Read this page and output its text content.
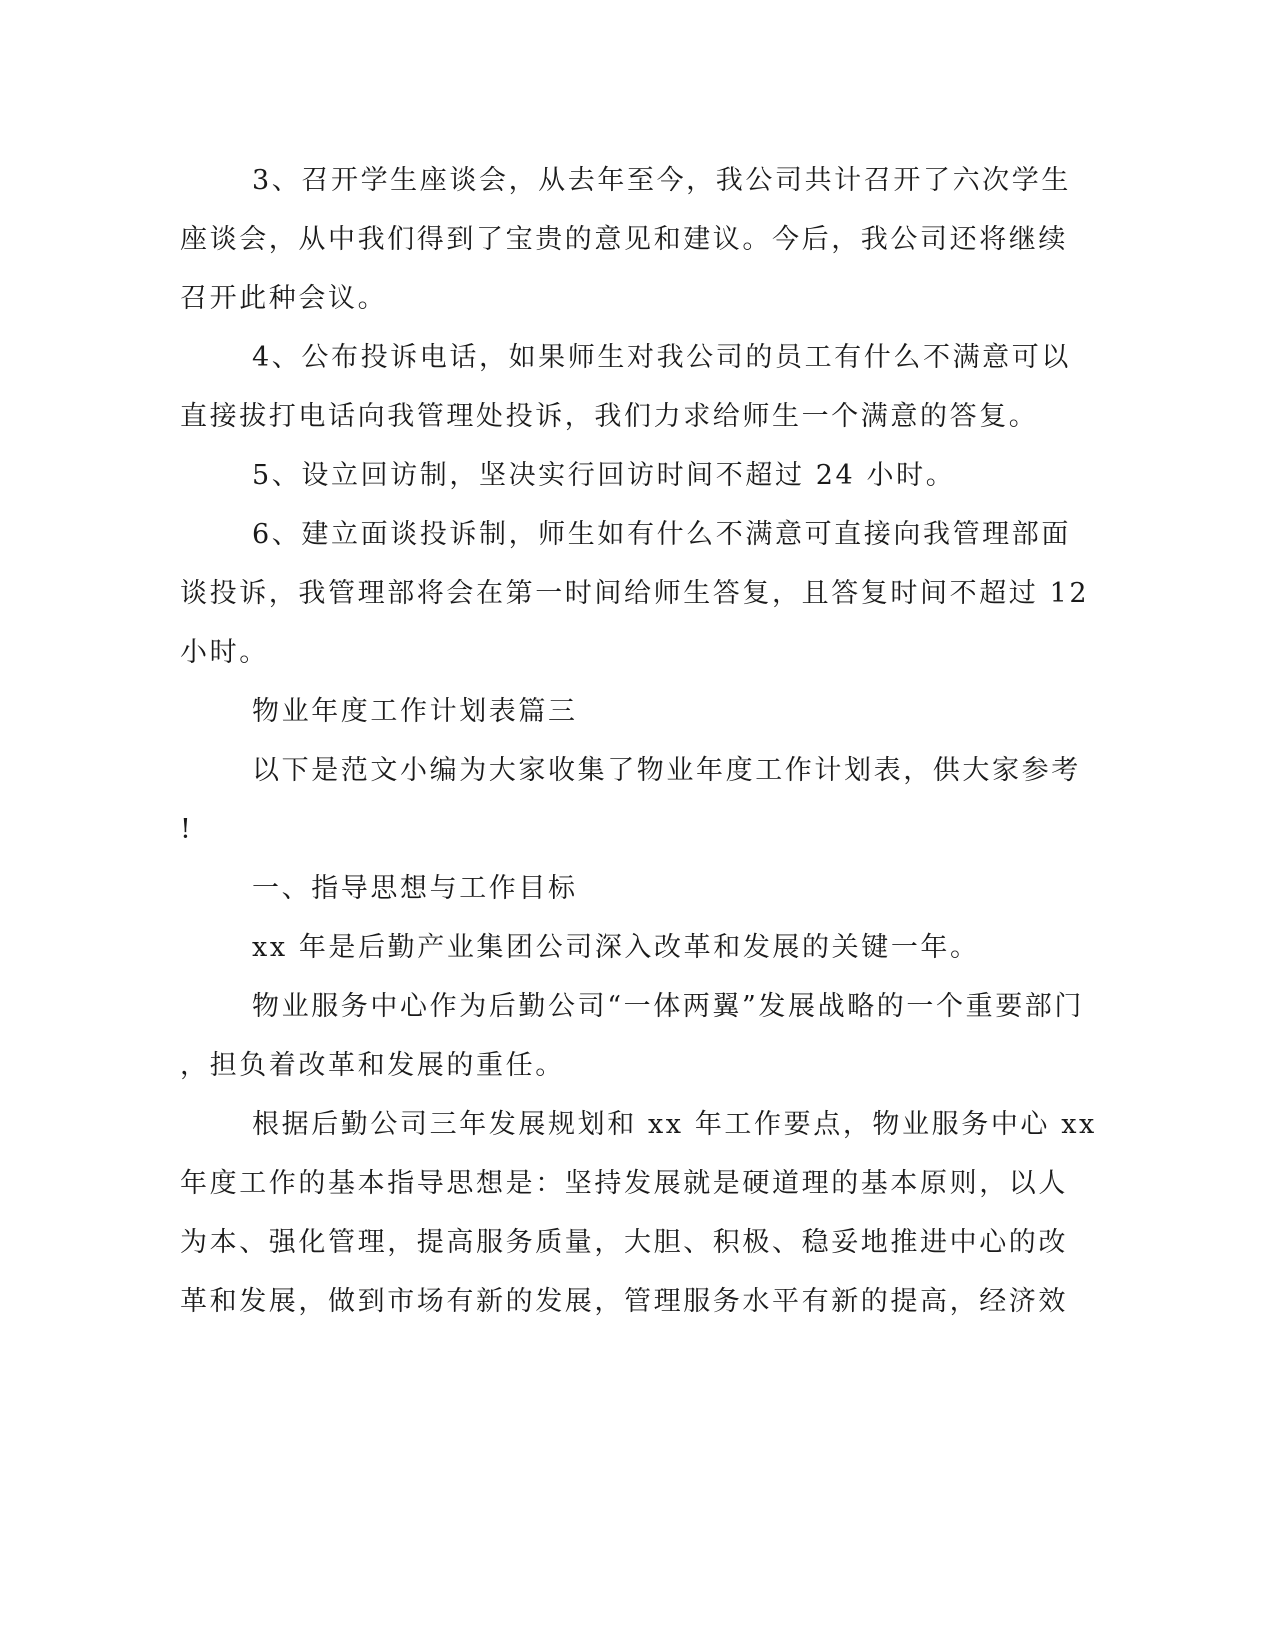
3、召开学生座谈会，从去年至今，我公司共计召开了六次学生

座谈会，从中我们得到了宝贵的意见和建议。今后，我公司还将继续

召开此种会议。

4、公布投诉电话，如果师生对我公司的员工有什么不满意可以

直接拔打电话向我管理处投诉，我们力求给师生一个满意的答复。

5、设立回访制，坚决实行回访时间不超过 24 小时。

6、建立面谈投诉制，师生如有什么不满意可直接向我管理部面

谈投诉，我管理部将会在第一时间给师生答复，且答复时间不超过 12

小时。

物业年度工作计划表篇三

以下是范文小编为大家收集了物业年度工作计划表，供大家参考

!

一、指导思想与工作目标

xx 年是后勤产业集团公司深入改革和发展的关键一年。

物业服务中心作为后勤公司“一体两翼”发展战略的一个重要部门

，担负着改革和发展的重任。

根据后勤公司三年发展规划和 xx 年工作要点，物业服务中心 xx

年度工作的基本指导思想是：坚持发展就是硬道理的基本原则，以人

为本、强化管理，提高服务质量，大胆、积极、稳妥地推进中心的改

革和发展，做到市场有新的发展，管理服务水平有新的提高，经济效
